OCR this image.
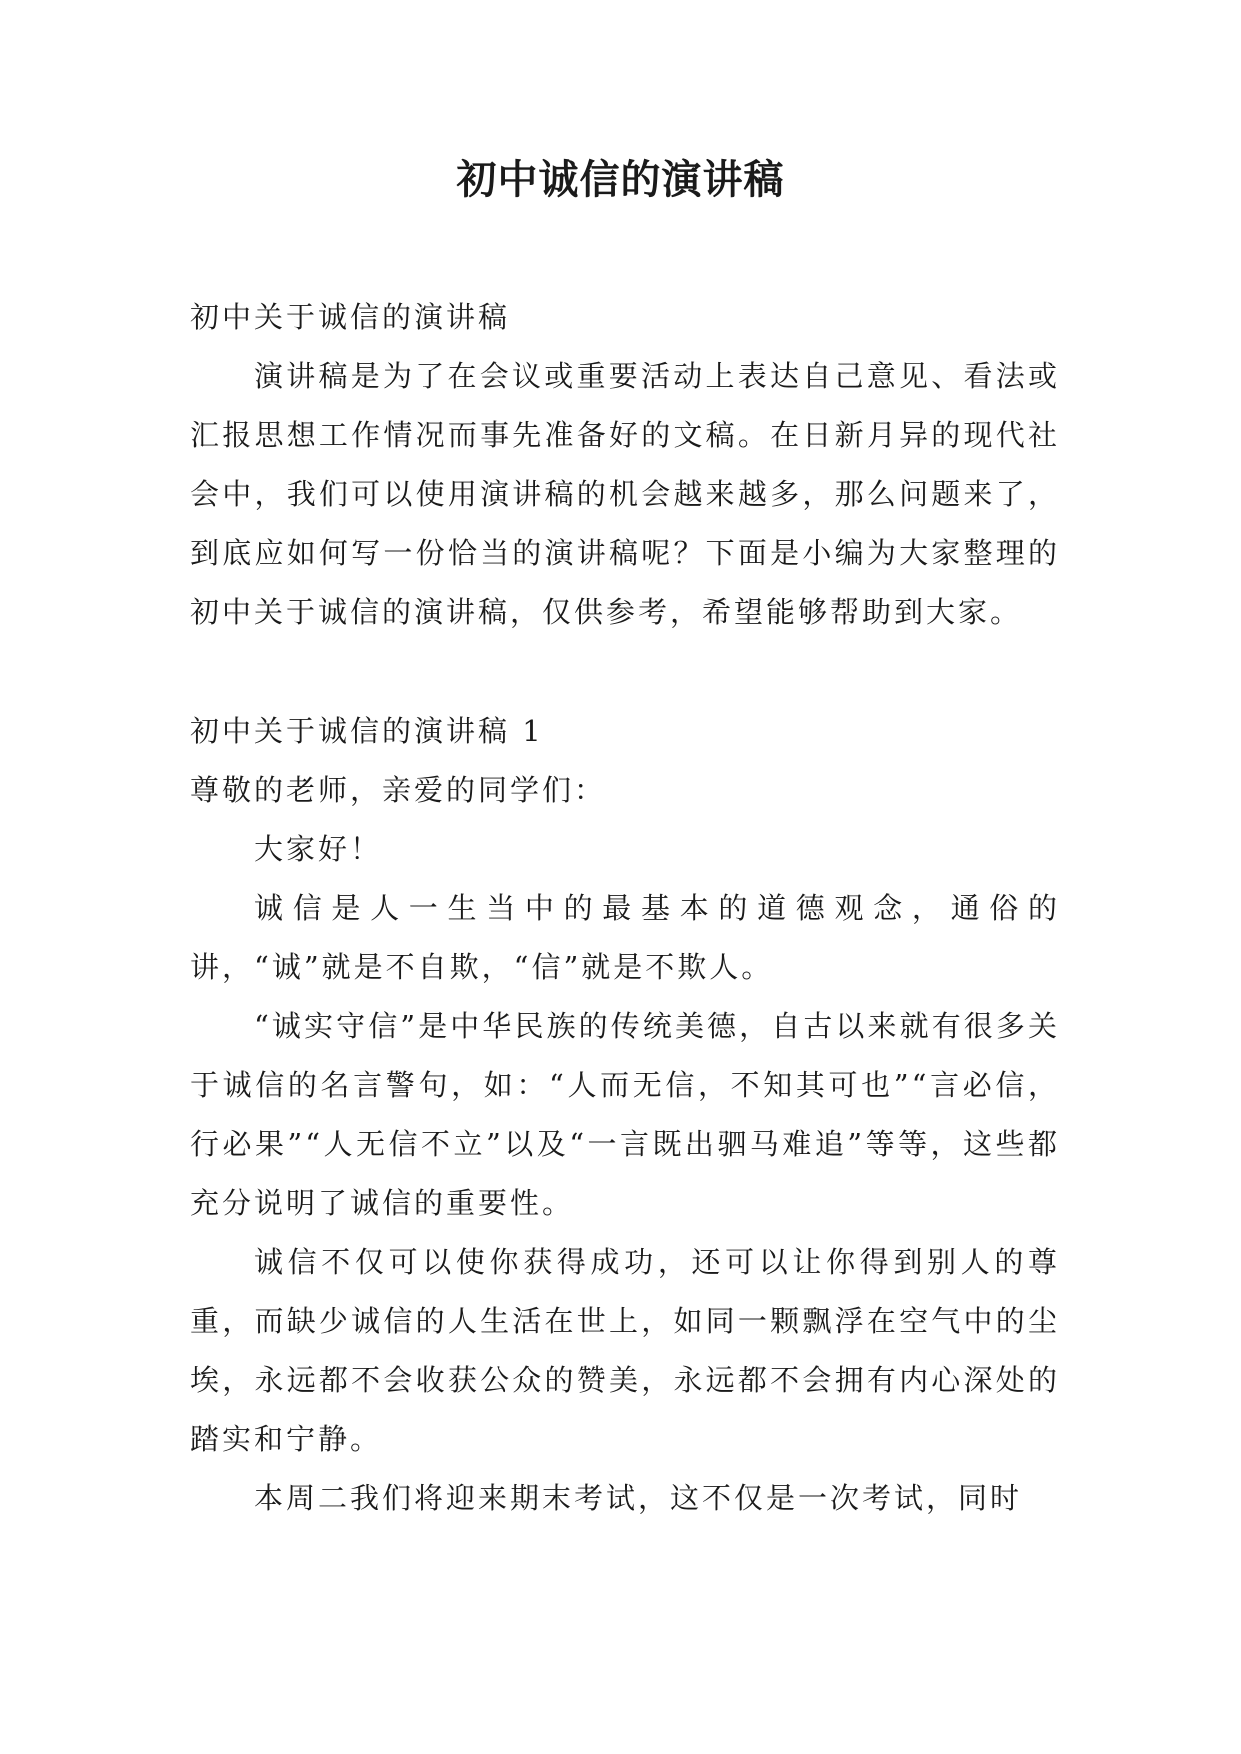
初中诚信的演讲稿

初中关于诚信的演讲稿

演讲稿是为了在会议或重要活动上表达自己意见、看法或汇报思想工作情况而事先准备好的文稿。在日新月异的现代社会中，我们可以使用演讲稿的机会越来越多，那么问题来了，到底应如何写一份恰当的演讲稿呢？下面是小编为大家整理的初中关于诚信的演讲稿，仅供参考，希望能够帮助到大家。

初中关于诚信的演讲稿 1

尊敬的老师，亲爱的同学们：

大家好！

诚信是人一生当中的最基本的道德观念，通俗的讲，“诚”就是不自欺，“信”就是不欺人。

“诚实守信”是中华民族的传统美德，自古以来就有很多关于诚信的名言警句，如：“人而无信，不知其可也”“言必信，行必果”“人无信不立”以及“一言既出驷马难追”等等，这些都充分说明了诚信的重要性。

诚信不仅可以使你获得成功，还可以让你得到别人的尊重，而缺少诚信的人生活在世上，如同一颗飘浮在空气中的尘埃，永远都不会收获公众的赞美，永远都不会拥有内心深处的踏实和宁静。

本周二我们将迎来期末考试，这不仅是一次考试，同时
